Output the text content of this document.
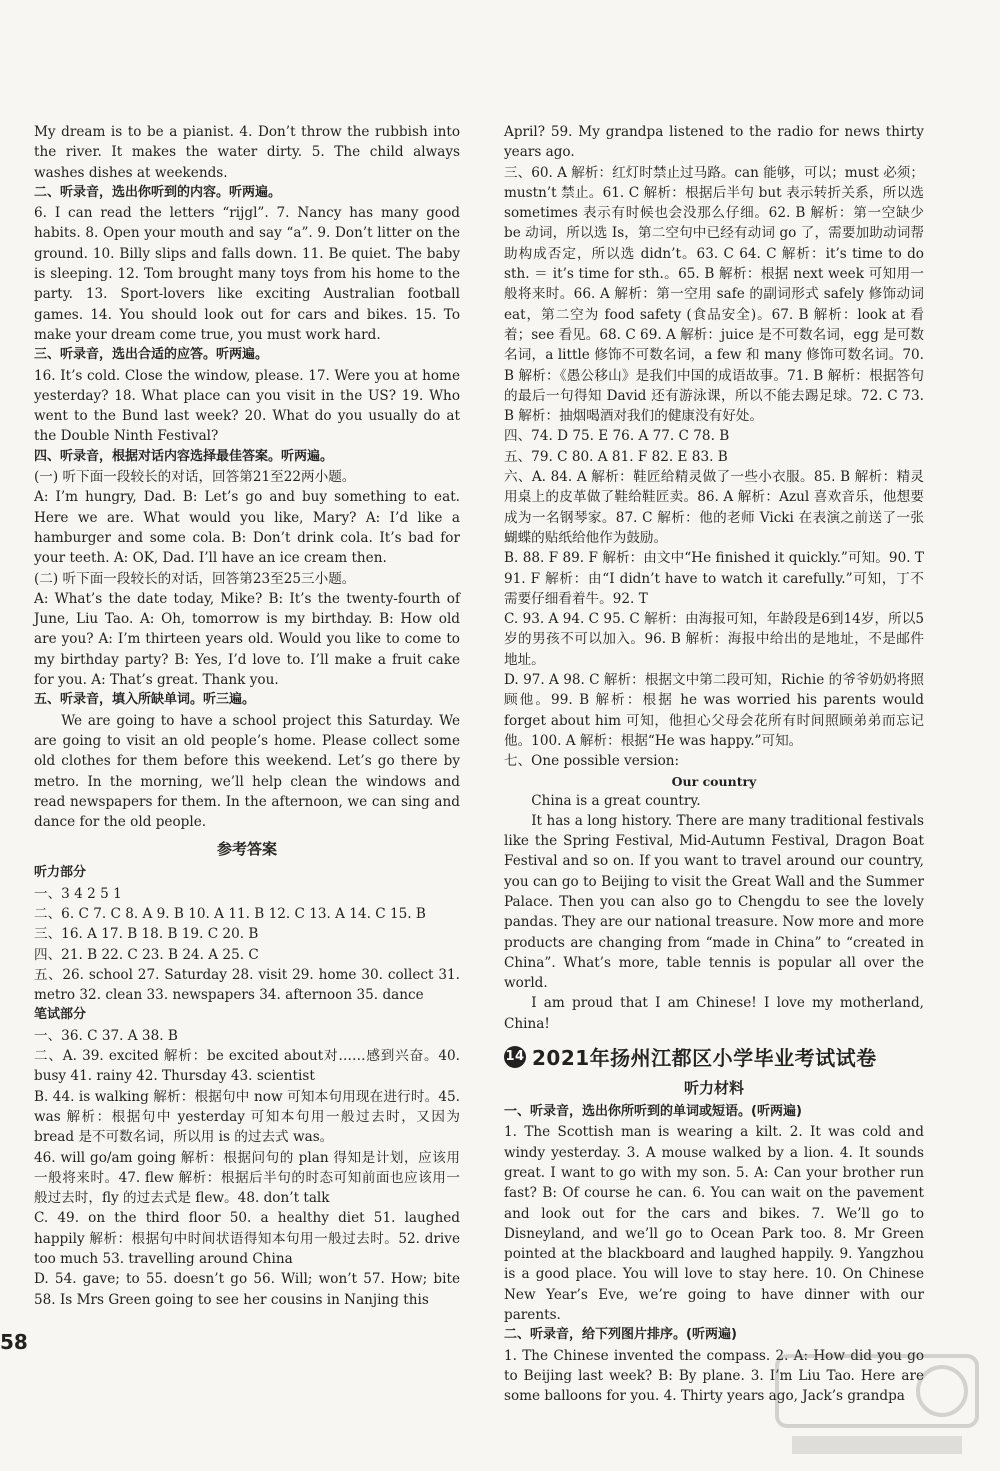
My dream is to be a pianist. 4. Don’t throw the rubbish into the river. It makes the water dirty. 5. The child always washes dishes at weekends.
二、听录音，选出你听到的内容。听两遍。
6. I can read the letters “rijgl”. 7. Nancy has many good habits. 8. Open your mouth and say “a”. 9. Don’t litter on the ground. 10. Billy slips and falls down. 11. Be quiet. The baby is sleeping. 12. Tom brought many toys from his home to the party. 13. Sport-lovers like exciting Australian football games. 14. You should look out for cars and bikes. 15. To make your dream come true, you must work hard.
三、听录音，选出合适的应答。听两遍。
16. It’s cold. Close the window, please. 17. Were you at home yesterday? 18. What place can you visit in the US? 19. Who went to the Bund last week? 20. What do you usually do at the Double Ninth Festival?
四、听录音，根据对话内容选择最佳答案。听两遍。
(一) 听下面一段较长的对话，回答第21至22两小题。
A: I’m hungry, Dad. B: Let’s go and buy something to eat. Here we are. What would you like, Mary? A: I’d like a hamburger and some cola. B: Don’t drink cola. It’s bad for your teeth. A: OK, Dad. I’ll have an ice cream then.
(二) 听下面一段较长的对话，回答第23至25三小题。
A: What’s the date today, Mike? B: It’s the twenty-fourth of June, Liu Tao. A: Oh, tomorrow is my birthday. B: How old are you? A: I’m thirteen years old. Would you like to come to my birthday party? B: Yes, I’d love to. I’ll make a fruit cake for you. A: That’s great. Thank you.
五、听录音，填入所缺单词。听三遍。
We are going to have a school project this Saturday. We are going to visit an old people’s home. Please collect some old clothes for them before this weekend. Let’s go there by metro. In the morning, we’ll help clean the windows and read newspapers for them. In the afternoon, we can sing and dance for the old people.
参考答案
听力部分
一、3 4 2 5 1
二、6. C 7. C 8. A 9. B 10. A 11. B 12. C 13. A 14. C 15. B
三、16. A 17. B 18. B 19. C 20. B
四、21. B 22. C 23. B 24. A 25. C
五、26. school 27. Saturday 28. visit 29. home 30. collect 31. metro 32. clean 33. newspapers 34. afternoon 35. dance
笔试部分
一、36. C 37. A 38. B
二、A. 39. excited 解析：be excited about对……感到兴奋。40. busy 41. rainy 42. Thursday 43. scientist
B. 44. is walking 解析：根据句中 now 可知本句用现在进行时。45. was 解析：根据句中 yesterday 可知本句用一般过去时，又因为 bread 是不可数名词，所以用 is 的过去式 was。
46. will go/am going 解析：根据问句的 plan 得知是计划，应该用一般将来时。47. flew 解析：根据后半句的时态可知前面也应该用一般过去时，fly 的过去式是 flew。48. don’t talk
C. 49. on the third floor 50. a healthy diet 51. laughed happily 解析：根据句中时间状语得知本句用一般过去时。52. drive too much 53. travelling around China
D. 54. gave; to 55. doesn’t go 56. Will; won’t 57. How; bite 58. Is Mrs Green going to see her cousins in Nanjing this
April? 59. My grandpa listened to the radio for news thirty years ago.
三、60. A 解析：红灯时禁止过马路。can 能够，可以；must 必须；mustn’t 禁止。61. C 解析：根据后半句 but 表示转折关系，所以选 sometimes 表示有时候也会没那么仔细。62. B 解析：第一空缺少 be 动词，所以选 Is，第二空句中已经有动词 go 了，需要加助动词帮助构成否定，所以选 didn’t。63. C 64. C 解析：it’s time to do sth. ＝ it’s time for sth.。65. B 解析：根据 next week 可知用一般将来时。66. A 解析：第一空用 safe 的副词形式 safely 修饰动词 eat，第二空为 food safety (食品安全)。67. B 解析：look at 看着；see 看见。68. C 69. A 解析：juice 是不可数名词，egg 是可数名词，a little 修饰不可数名词，a few 和 many 修饰可数名词。70. B 解析：《愚公移山》是我们中国的成语故事。71. B 解析：根据答句的最后一句得知 David 还有游泳课，所以不能去踢足球。72. C 73. B 解析：抽烟喝酒对我们的健康没有好处。
四、74. D 75. E 76. A 77. C 78. B
五、79. C 80. A 81. F 82. E 83. B
六、A. 84. A 解析：鞋匠给精灵做了一些小衣服。85. B 解析：精灵用桌上的皮革做了鞋给鞋匠卖。86. A 解析：Azul 喜欢音乐，他想要成为一名钢琴家。87. C 解析：他的老师 Vicki 在表演之前送了一张蝴蝶的贴纸给他作为鼓励。
B. 88. F 89. F 解析：由文中“He finished it quickly.”可知。90. T 91. F 解析：由“I didn’t have to watch it carefully.”可知，丁不需要仔细看着牛。92. T
C. 93. A 94. C 95. C 解析：由海报可知，年龄段是6到14岁，所以5岁的男孩不可以加入。96. B 解析：海报中给出的是地址，不是邮件地址。
D. 97. A 98. C 解析：根据文中第二段可知，Richie 的爷爷奶奶将照顾他。99. B 解析：根据 he was worried his parents would forget about him 可知，他担心父母会花所有时间照顾弟弟而忘记他。100. A 解析：根据“He was happy.”可知。
七、One possible version:
Our country
China is a great country.
It has a long history. There are many traditional festivals like the Spring Festival, Mid-Autumn Festival, Dragon Boat Festival and so on. If you want to travel around our country, you can go to Beijing to visit the Great Wall and the Summer Palace. Then you can also go to Chengdu to see the lovely pandas. They are our national treasure. Now more and more products are changing from “made in China” to “created in China”. What’s more, table tennis is popular all over the world.
I am proud that I am Chinese! I love my motherland, China!
14 2021年扬州江都区小学毕业考试试卷
听力材料
一、听录音，选出你所听到的单词或短语。(听两遍)
1. The Scottish man is wearing a kilt. 2. It was cold and windy yesterday. 3. A mouse walked by a lion. 4. It sounds great. I want to go with my son. 5. A: Can your brother run fast? B: Of course he can. 6. You can wait on the pavement and look out for the cars and bikes. 7. We’ll go to Disneyland, and we’ll go to Ocean Park too. 8. Mr Green pointed at the blackboard and laughed happily. 9. Yangzhou is a good place. You will love to stay here. 10. On Chinese New Year’s Eve, we’re going to have dinner with our parents.
二、听录音，给下列图片排序。(听两遍)
1. The Chinese invented the compass. 2. A: How did you go to Beijing last week? B: By plane. 3. I’m Liu Tao. Here are some balloons for you. 4. Thirty years ago, Jack’s grandpa
58
